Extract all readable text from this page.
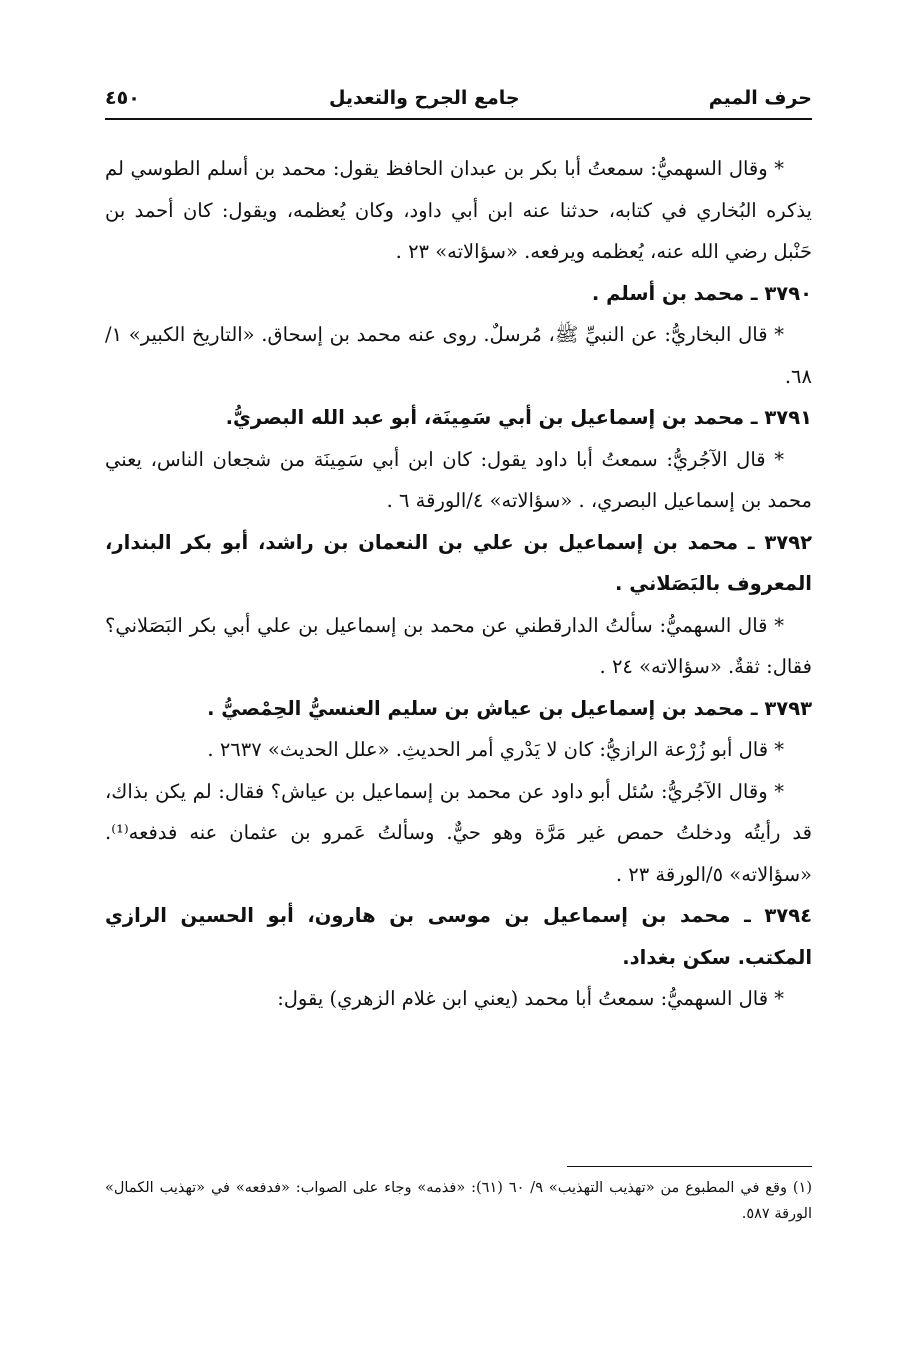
حرف الميم
جامع الجرح والتعديل
٤٥٠

* وقال السهميُّ: سمعتُ أبا بكر بن عبدان الحافظ يقول: محمد بن أسلم الطوسي لم يذكره البُخاري في كتابه، حدثنا عنه ابن أبي داود، وكان يُعظمه، ويقول: كان أحمد بن حَنْبل رضي الله عنه، يُعظمه ويرفعه. «سؤالاته» ٢٣ .

٣٧٩٠ ـ محمد بن أسلم .

* قال البخاريُّ: عن النبيِّ ﷺ، مُرسلٌ. روى عنه محمد بن إسحاق. «التاريخ الكبير» ١/ ٦٨.

٣٧٩١ ـ محمد بن إسماعيل بن أبي سَمِينَة، أبو عبد الله البصريُّ.

* قال الآجُريُّ: سمعتُ أبا داود يقول: كان ابن أبي سَمِينَة من شجعان الناس، يعني محمد بن إسماعيل البصري، . «سؤالاته» ٤/الورقة ٦ .

٣٧٩٢ ـ محمد بن إسماعيل بن علي بن النعمان بن راشد، أبو بكر البندار، المعروف بالبَصَلاني .

* قال السهميُّ: سألتُ الدارقطني عن محمد بن إسماعيل بن علي أبي بكر البَصَلاني؟ فقال: ثقةٌ. «سؤالاته» ٢٤ .

٣٧٩٣ ـ محمد بن إسماعيل بن عياش بن سليم العنسيُّ الحِمْصيُّ .

* قال أبو زُرْعة الرازيُّ: كان لا يَدْري أمر الحديثِ. «علل الحديث» ٢٦٣٧ .

* وقال الآجُريُّ: سُئل أبو داود عن محمد بن إسماعيل بن عياش؟ فقال: لم يكن بذاك، قد رأيتُه ودخلتُ حمص غير مَرَّة وهو حيٌّ. وسألتُ عَمرو بن عثمان عنه فدفعه⁽¹⁾. «سؤالاته» ٥/الورقة ٢٣ .

٣٧٩٤ ـ محمد بن إسماعيل بن موسى بن هارون، أبو الحسين الرازي المكتب. سكن بغداد.

* قال السهميُّ: سمعتُ أبا محمد (يعني ابن غلام الزهري) يقول:

(١) وقع في المطبوع من «تهذيب التهذيب» ٩/ ٦٠ (٦١): «فذمه» وجاء على الصواب: «فدفعه» في «تهذيب الكمال» الورقة ٥٨٧.
